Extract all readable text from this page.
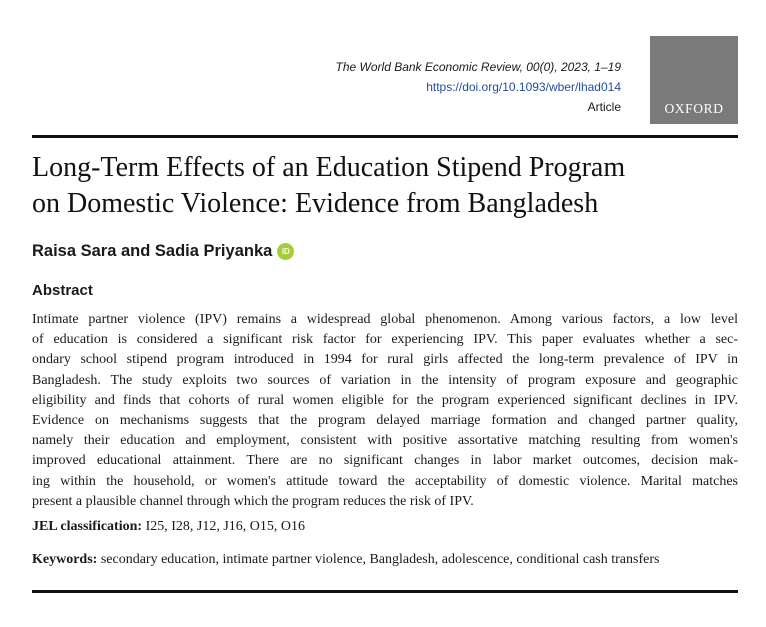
The World Bank Economic Review, 00(0), 2023, 1–19
https://doi.org/10.1093/wber/lhad014
Article	OXFORD
Long-Term Effects of an Education Stipend Program
on Domestic Violence: Evidence from Bangladesh

Raisa Sara and Sadia Priyanka	iD

Abstract

Intimate partner violence (IPV) remains a widespread global phenomenon. Among various factors, a low level
of education is considered a significant risk factor for experiencing IPV. This paper evaluates whether a sec-
ondary school stipend program introduced in 1994 for rural girls affected the long-term prevalence of IPV in
Bangladesh. The study exploits two sources of variation in the intensity of program exposure and geographic
eligibility and finds that cohorts of rural women eligible for the program experienced significant declines in IPV.
Evidence on mechanisms suggests that the program delayed marriage formation and changed partner quality,
namely their education and employment, consistent with positive assortative matching resulting from women's
improved educational attainment. There are no significant changes in labor market outcomes, decision mak-
ing within the household, or women's attitude toward the acceptability of domestic violence. Marital matches
present a plausible channel through which the program reduces the risk of IPV.

JEL classification: I25, I28, J12, J16, O15, O16

Keywords: secondary education, intimate partner violence, Bangladesh, adolescence, conditional cash transfers
